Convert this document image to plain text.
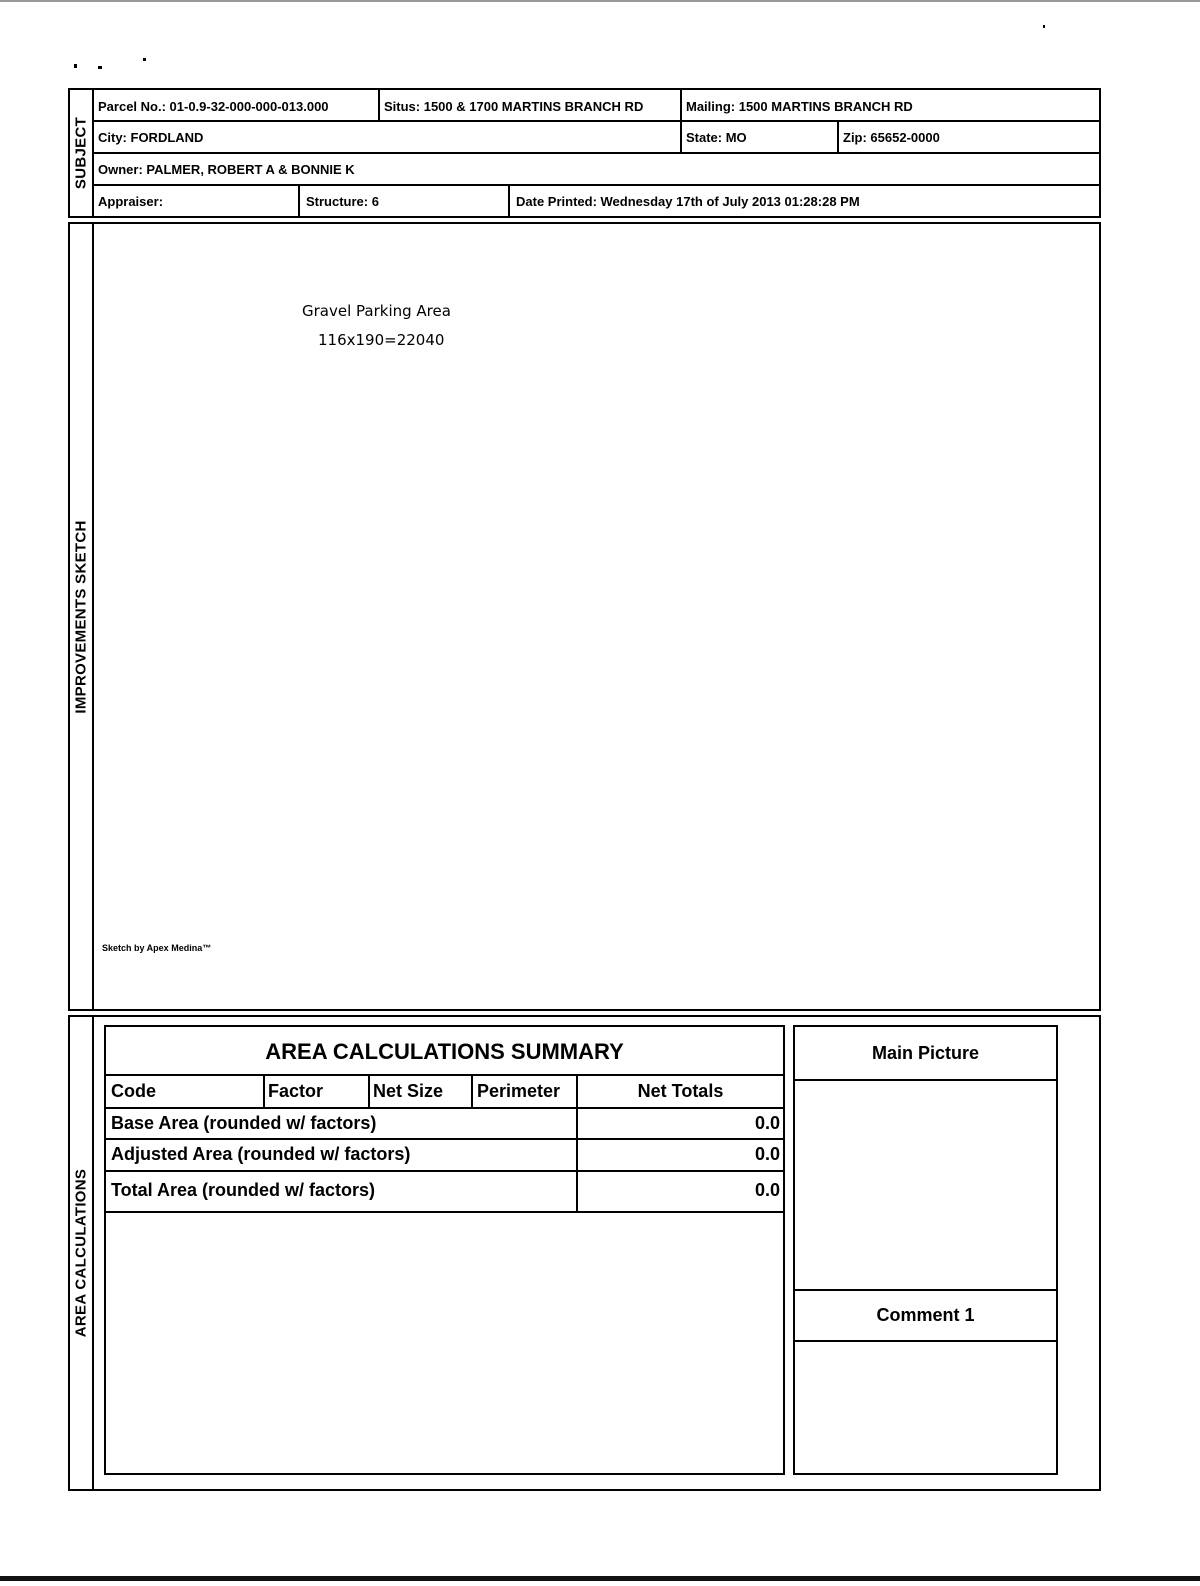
SUBJECT
Parcel No.: 01-0.9-32-000-000-013.000	Situs: 1500 & 1700 MARTINS BRANCH RD	Mailing: 1500 MARTINS BRANCH RD
City: FORDLAND	State: MO	Zip: 65652-0000
Owner: PALMER, ROBERT A & BONNIE K
Appraiser:	Structure: 6	Date Printed: Wednesday 17th of July 2013 01:28:28 PM
IMPROVEMENTS SKETCH
Gravel Parking Area
116x190=22040
Sketch by Apex Medina™
AREA CALCULATIONS
AREA CALCULATIONS SUMMARY
Code	Factor	Net Size	Perimeter	Net Totals
Base Area (rounded w/ factors)	0.0
Adjusted Area (rounded w/ factors)	0.0
Total Area (rounded w/ factors)	0.0
Main Picture
Comment 1
